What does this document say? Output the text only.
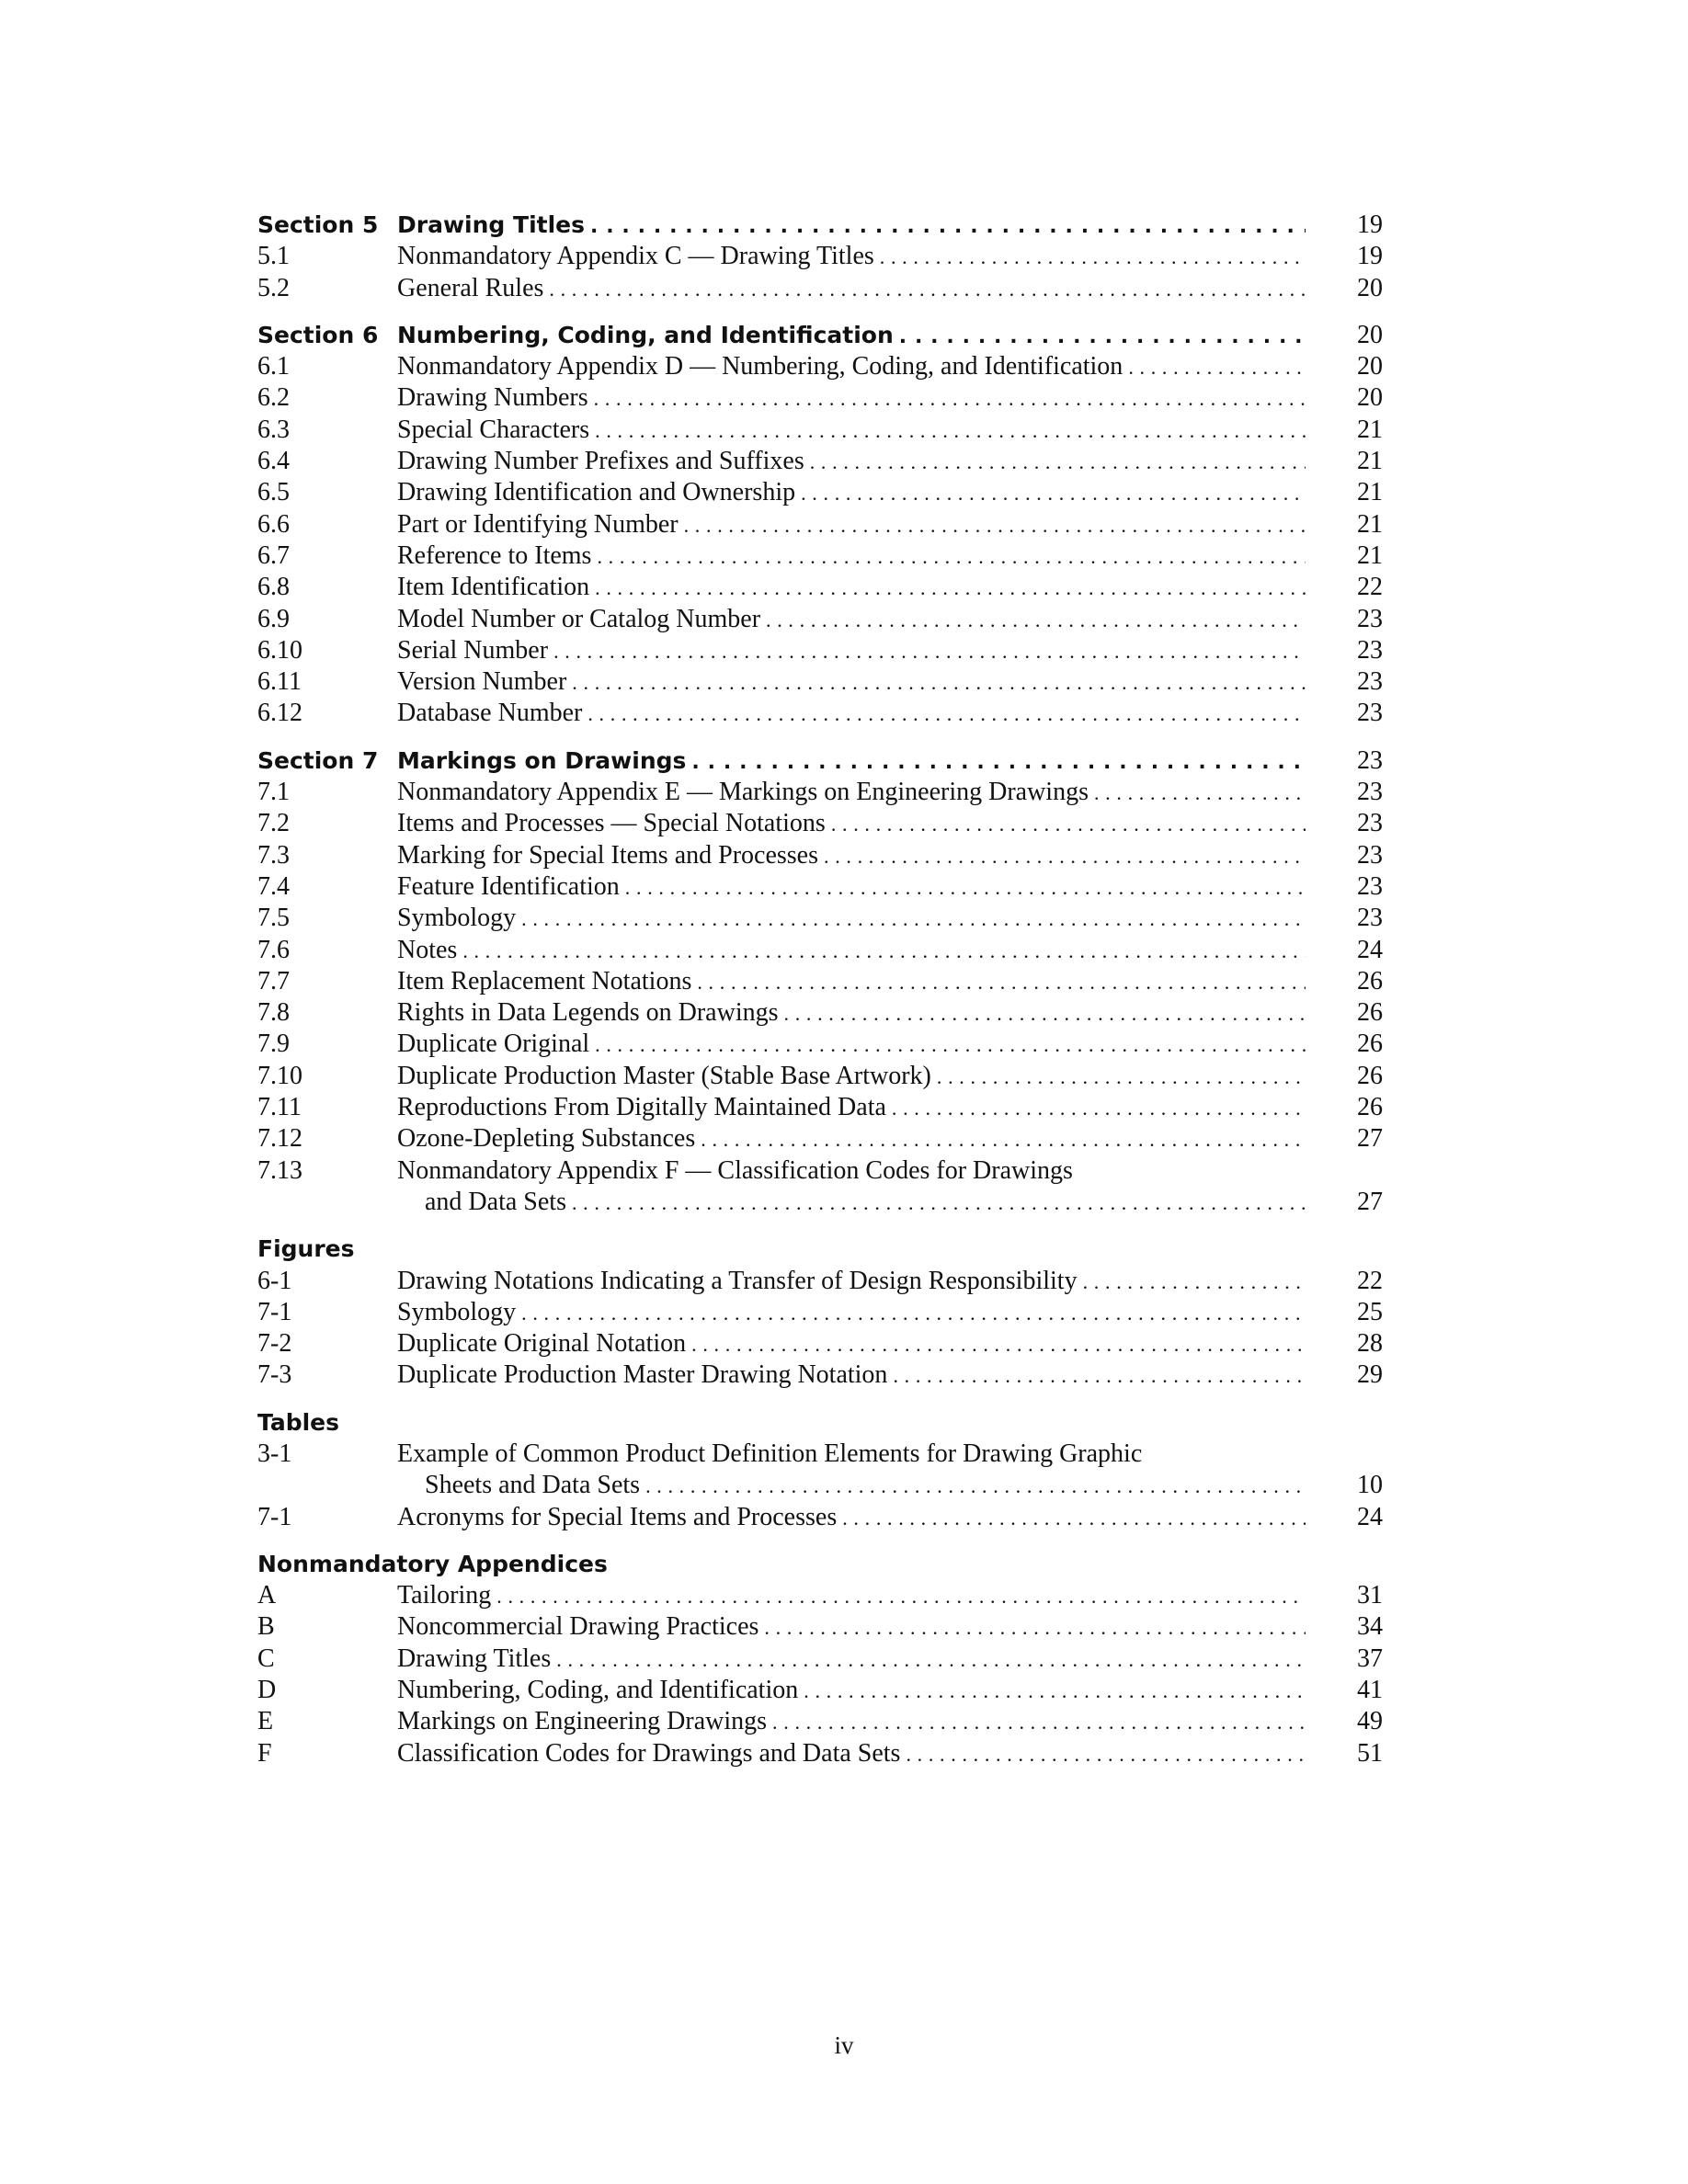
Section 5 Drawing Titles . . .	19
5.1	Nonmandatory Appendix C — Drawing Titles . . .	19
5.2	General Rules . . .	20
Section 6 Numbering, Coding, and Identification . . .	20
6.1	Nonmandatory Appendix D — Numbering, Coding, and Identification . . .	20
6.2	Drawing Numbers . . .	20
6.3	Special Characters . . .	21
6.4	Drawing Number Prefixes and Suffixes . . .	21
6.5	Drawing Identification and Ownership . . .	21
6.6	Part or Identifying Number . . .	21
6.7	Reference to Items . . .	21
6.8	Item Identification . . .	22
6.9	Model Number or Catalog Number . . .	23
6.10	Serial Number . . .	23
6.11	Version Number . . .	23
6.12	Database Number . . .	23
Section 7 Markings on Drawings . . .	23
7.1	Nonmandatory Appendix E — Markings on Engineering Drawings . . .	23
7.2	Items and Processes — Special Notations . . .	23
7.3	Marking for Special Items and Processes . . .	23
7.4	Feature Identification . . .	23
7.5	Symbology . . .	23
7.6	Notes . . .	24
7.7	Item Replacement Notations . . .	26
7.8	Rights in Data Legends on Drawings . . .	26
7.9	Duplicate Original . . .	26
7.10	Duplicate Production Master (Stable Base Artwork) . . .	26
7.11	Reproductions From Digitally Maintained Data . . .	26
7.12	Ozone-Depleting Substances . . .	27
7.13	Nonmandatory Appendix F — Classification Codes for Drawings
and Data Sets . . .	27
Figures
6-1	Drawing Notations Indicating a Transfer of Design Responsibility . . .	22
7-1	Symbology . . .	25
7-2	Duplicate Original Notation . . .	28
7-3	Duplicate Production Master Drawing Notation . . .	29
Tables
3-1	Example of Common Product Definition Elements for Drawing Graphic
Sheets and Data Sets . . .	10
7-1	Acronyms for Special Items and Processes . . .	24
Nonmandatory Appendices
A	Tailoring . . .	31
B	Noncommercial Drawing Practices . . .	34
C	Drawing Titles . . .	37
D	Numbering, Coding, and Identification . . .	41
E	Markings on Engineering Drawings . . .	49
F	Classification Codes for Drawings and Data Sets . . .	51
iv
